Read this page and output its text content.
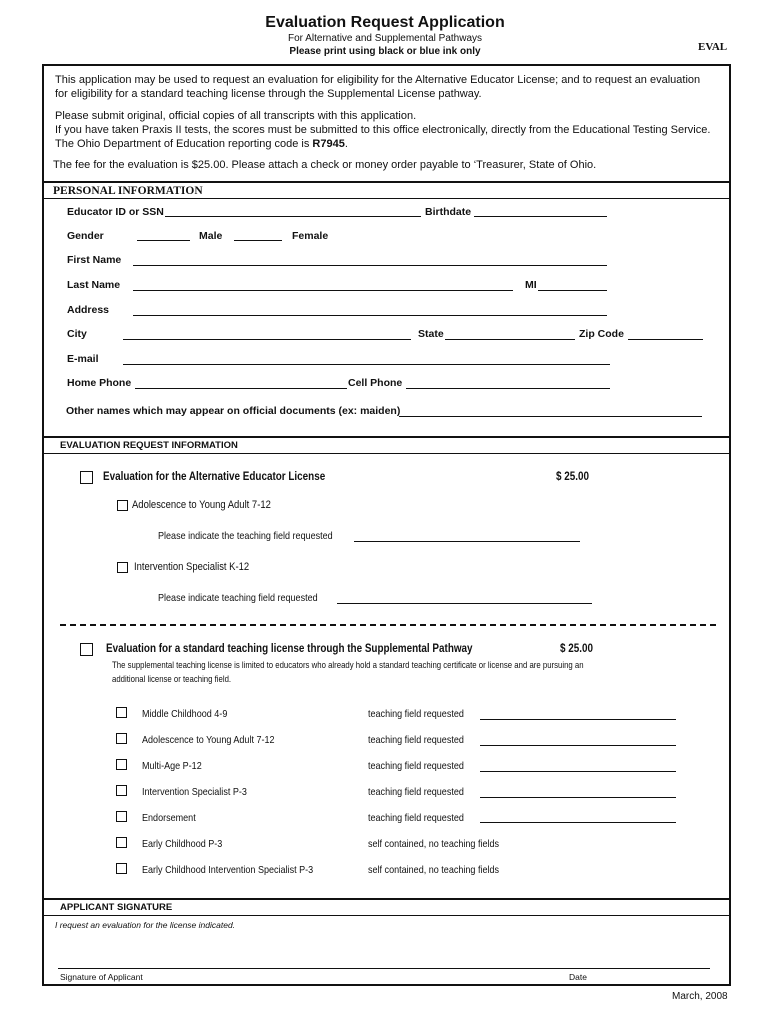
Evaluation Request Application
For Alternative and Supplemental Pathways
Please print using black or blue ink only	EVAL
This application may be used to request an evaluation for eligibility for the Alternative Educator License; and to request an evaluation
for eligibility for a standard teaching license through the Supplemental License pathway.
Please submit original, official copies of all transcripts with this application.
If you have taken Praxis II tests, the scores must be submitted to this office electronically, directly from the Educational Testing Service.
The Ohio Department of Education reporting code is R7945.
The fee for the evaluation is $25.00. Please attach a check or money order payable to ‘Treasurer, State of Ohio.
PERSONAL INFORMATION
Educator ID or SSN	Birthdate
Gender	Male	Female
First Name
Last Name	MI
Address
City	State	Zip Code
E-mail
Home Phone	Cell Phone
Other names which may appear on official documents (ex: maiden)
EVALUATION REQUEST INFORMATION
Evaluation for the Alternative Educator License	$ 25.00
Adolescence to Young Adult 7-12
Please indicate the teaching field requested
Intervention Specialist K-12
Please indicate teaching field requested
Evaluation for a standard teaching license through the Supplemental Pathway	$ 25.00
The supplemental teaching license is limited to educators who already hold a standard teaching certificate or license and are pursuing an
additional license or teaching field.
Middle Childhood 4-9	teaching field requested
Adolescence to Young Adult 7-12	teaching field requested
Multi-Age P-12	teaching field requested
Intervention Specialist P-3	teaching field requested
Endorsement	teaching field requested
Early Childhood P-3	self contained, no teaching fields
Early Childhood Intervention Specialist P-3	self contained, no teaching fields
APPLICANT SIGNATURE
I request an evaluation for the license indicated.
Signature of Applicant	Date
March, 2008
